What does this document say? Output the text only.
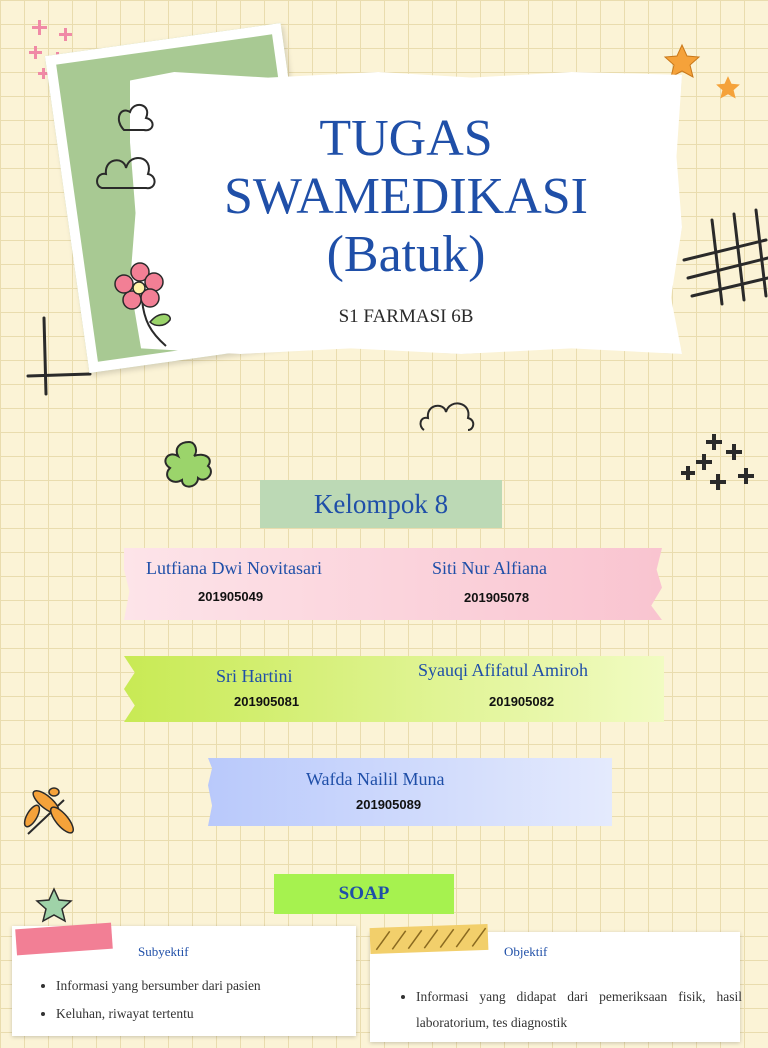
TUGAS
SWAMEDIKASI
(Batuk)
S1 FARMASI 6B
Kelompok 8
Lutfiana Dwi Novitasari
201905049
Siti Nur Alfiana
201905078
Sri Hartini
201905081
Syauqi Afifatul Amiroh
201905082
Wafda Nailil Muna
201905089
SOAP
Subyektif
• Informasi yang bersumber dari pasien
• Keluhan, riwayat tertentu
Objektif
• Informasi yang didapat dari pemeriksaan fisik, hasil laboratorium, tes diagnostik
